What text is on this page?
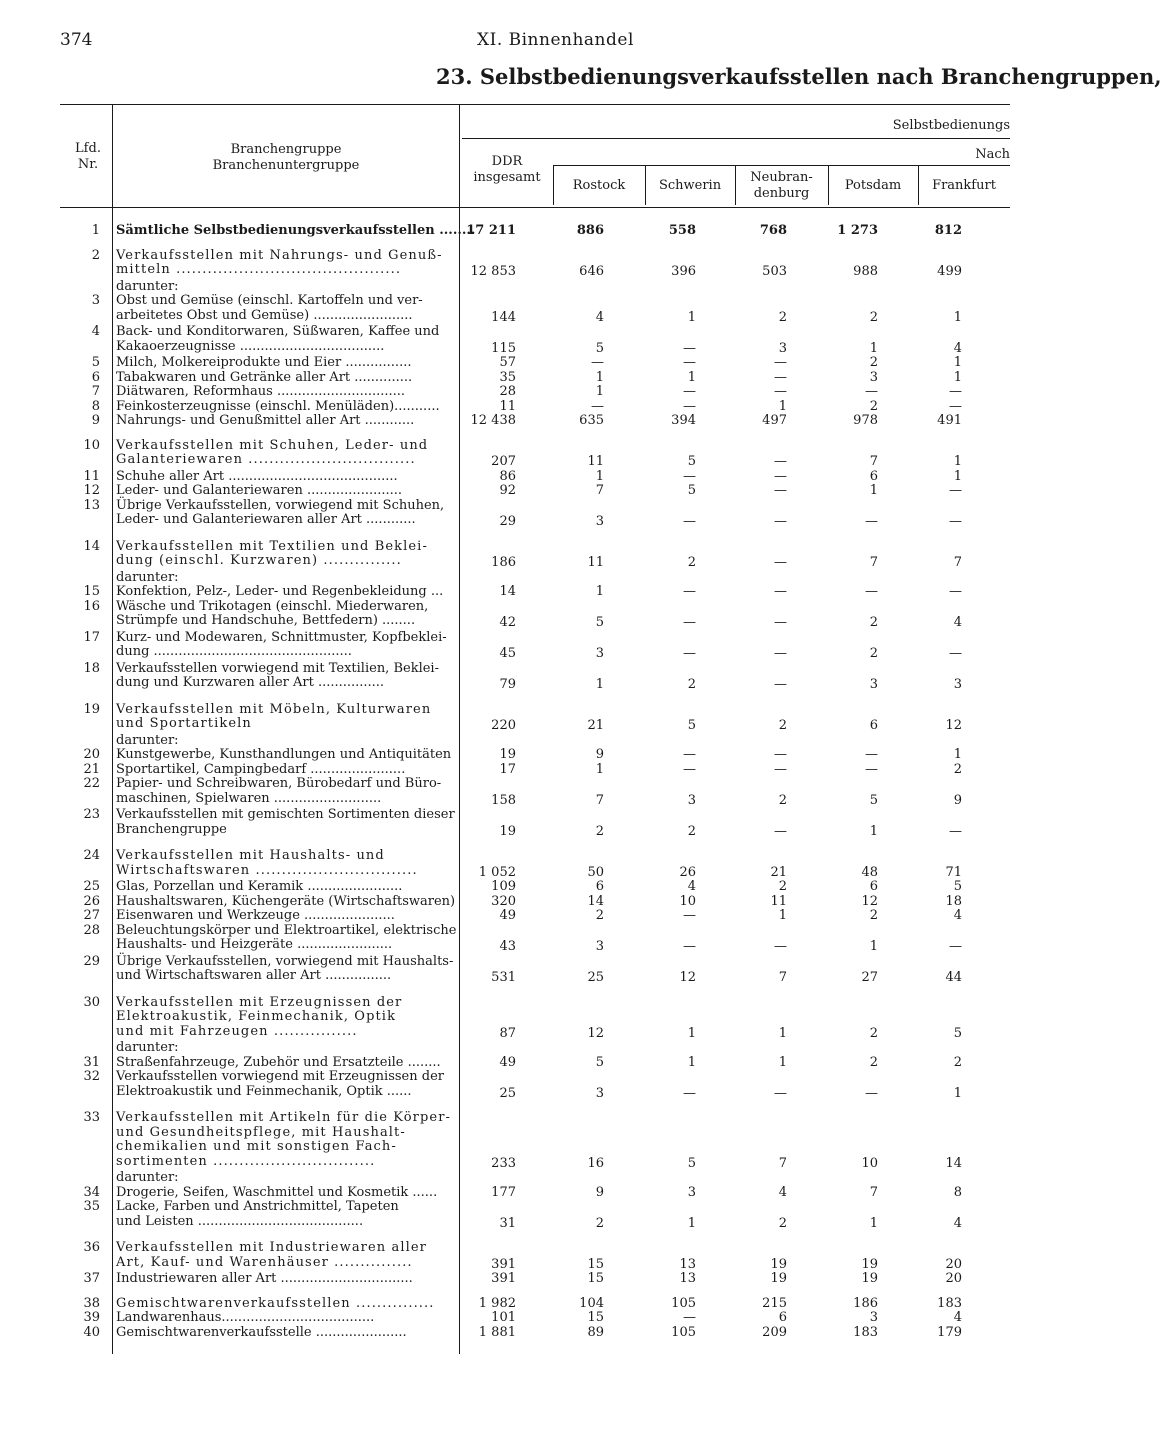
374	XI. Binnenhandel
23. Selbstbedienungsverkaufsstellen nach Branchengruppen,
Lfd.
Nr.
Branchengruppe
Branchenuntergruppe	DDR
insgesamt
Selbstbedienungs
Nach
Rostock	Schwerin
Neubran-
denburg
Potsdam	Frankfurt
1 Sämtliche Selbstbedienungsverkaufsstellen ........
17 211	886	558	768	1 273	812
2 Verkaufsstellen mit Nahrungs- und Genuß-
mitteln ...........................................	12 853	646	396	503	988	499
darunter:
3 Obst und Gemüse (einschl. Kartoffeln und ver-
arbeitetes Obst und Gemüse) ........................	144	4	1	2	2	1
4 Back- und Konditorwaren, Süßwaren, Kaffee und
Kakaoerzeugnisse ...................................	115	5	—	3	1	4
5 Milch, Molkereiprodukte und Eier ................	57	—	—	—	2	1
6 Tabakwaren und Getränke aller Art ..............	35	1	1	—	3	1
7 Diätwaren, Reformhaus ...............................	28	1	—	—	—	—
8 Feinkosterzeugnisse (einschl. Menüläden)...........	11	—	—	1	2	—
9 Nahrungs- und Genußmittel aller Art ............	12 438	635	394	497	978	491
10 Verkaufsstellen mit Schuhen, Leder- und
Galanteriewaren ................................	207	11	5	—	7	1
11 Schuhe aller Art .........................................	86	1	—	—	6	1
12 Leder- und Galanteriewaren .......................	92	7	5	—	1	—
13 Übrige Verkaufsstellen, vorwiegend mit Schuhen,
Leder- und Galanteriewaren aller Art ............	29	3	—	—	—	—
14 Verkaufsstellen mit Textilien und Beklei-
dung (einschl. Kurzwaren) ...............	186	11	2	—	7	7
darunter:
15 Konfektion, Pelz-, Leder- und Regenbekleidung ...	14	1	—	—	—	—
16 Wäsche und Trikotagen (einschl. Miederwaren,
Strümpfe und Handschuhe, Bettfedern) ........	42	5	—	—	2	4
17 Kurz- und Modewaren, Schnittmuster, Kopfbeklei-
dung ................................................	45	3	—	—	2	—
18 Verkaufsstellen vorwiegend mit Textilien, Beklei-
dung und Kurzwaren aller Art ................	79	1	2	—	3	3
19 Verkaufsstellen mit Möbeln, Kulturwaren
und Sportartikeln	220	21	5	2	6	12
darunter:
20 Kunstgewerbe, Kunsthandlungen und Antiquitäten	19	9	—	—	—	1
21 Sportartikel, Campingbedarf .......................	17	1	—	—	—	2
22 Papier- und Schreibwaren, Bürobedarf und Büro-
maschinen, Spielwaren ..........................	158	7	3	2	5	9
23 Verkaufsstellen mit gemischten Sortimenten dieser
Branchengruppe	19	2	2	—	1	—
24 Verkaufsstellen mit Haushalts- und
Wirtschaftswaren ...............................	1 052	50	26	21	48	71
25 Glas, Porzellan und Keramik .......................	109	6	4	2	6	5
26 Haushaltswaren, Küchengeräte (Wirtschaftswaren)	320	14	10	11	12	18
27 Eisenwaren und Werkzeuge ......................	49	2	—	1	2	4
28 Beleuchtungskörper und Elektroartikel, elektrische
Haushalts- und Heizgeräte .......................	43	3	—	—	1	—
29 Übrige Verkaufsstellen, vorwiegend mit Haushalts-
und Wirtschaftswaren aller Art ................	531	25	12	7	27	44
30 Verkaufsstellen mit Erzeugnissen der
Elektroakustik, Feinmechanik, Optik
und mit Fahrzeugen ................	87	12	1	1	2	5
darunter:
31 Straßenfahrzeuge, Zubehör und Ersatzteile ........	49	5	1	1	2	2
32 Verkaufsstellen vorwiegend mit Erzeugnissen der
Elektroakustik und Feinmechanik, Optik ......	25	3	—	—	—	1
33 Verkaufsstellen mit Artikeln für die Körper-
und Gesundheitspflege, mit Haushalt-
chemikalien und mit sonstigen Fach-
sortimenten ...............................	233	16	5	7	10	14
darunter:
34 Drogerie, Seifen, Waschmittel und Kosmetik ......	177	9	3	4	7	8
35 Lacke, Farben und Anstrichmittel, Tapeten
und Leisten ........................................	31	2	1	2	1	4
36 Verkaufsstellen mit Industriewaren aller
Art, Kauf- und Warenhäuser ...............	391	15	13	19	19	20
37 Industriewaren aller Art ................................	391	15	13	19	19	20
38 Gemischtwarenverkaufsstellen ...............	1 982	104	105	215	186	183
39 Landwarenhaus.....................................	101	15	—	6	3	4
40 Gemischtwarenverkaufsstelle ......................	1 881	89	105	209	183	179
